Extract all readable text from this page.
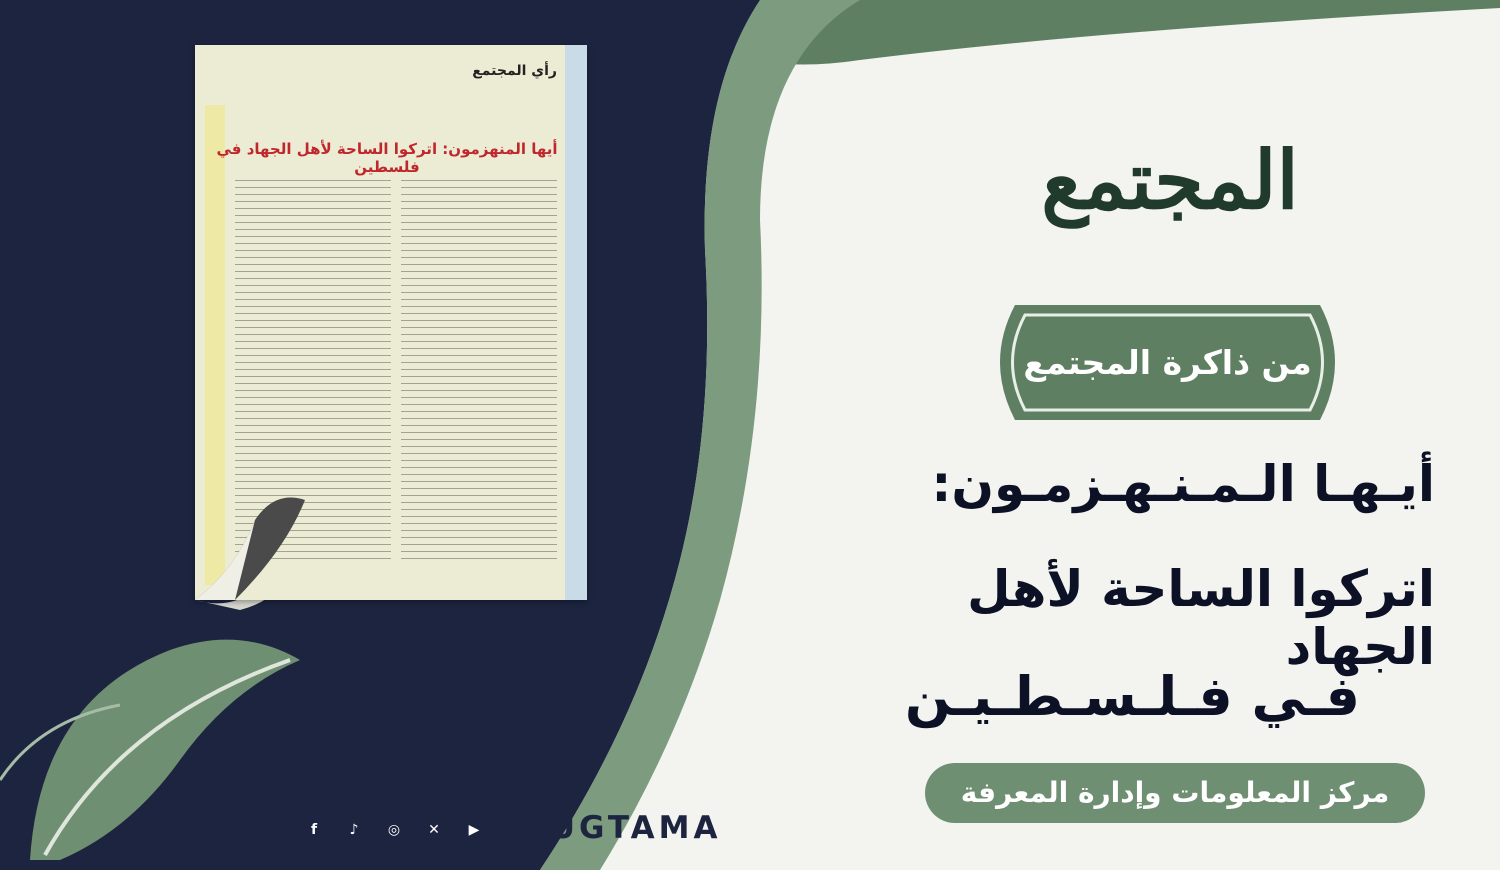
رأي المجتمع
أيها المنهزمون: اتركوا الساحة لأهل الجهاد في فلسطين	المجتمع
من ذاكرة المجتمع
أيـهـا الـمـنـهـزمـون:
اتركوا الساحة لأهل الجهاد
فـي فـلـسـطـيـن
مركز المعلومات وإدارة المعرفة
f	♪	◎	✕	▶	MUGTAMA
